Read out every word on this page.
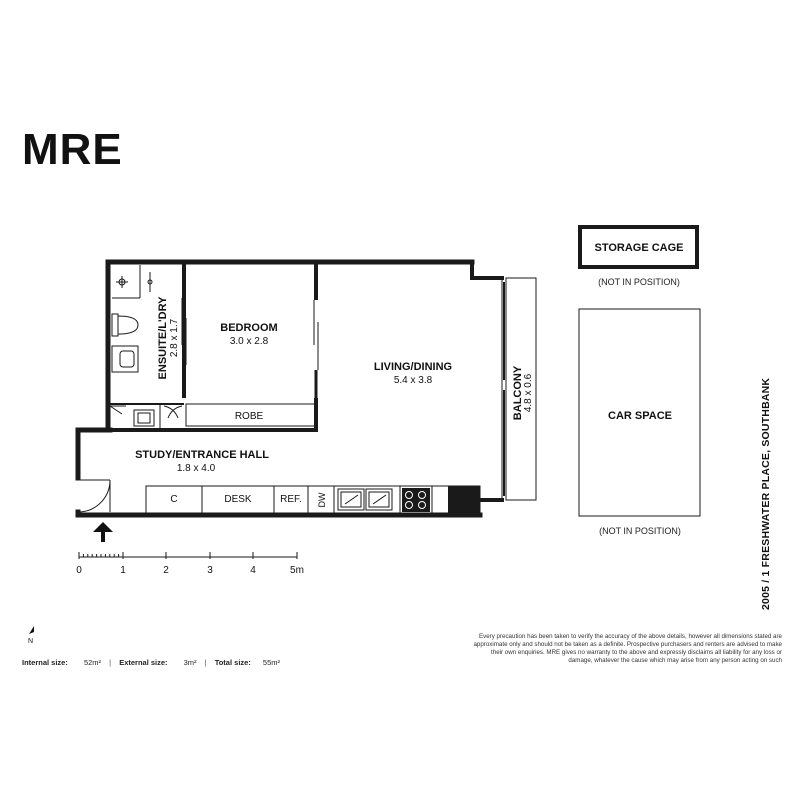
MRE
BEDROOM
3.0 x 2.8
LIVING/DINING
5.4 x 3.8
STUDY/ENTRANCE HALL
1.8 x 4.0
ROBE
C	DESK	REF. DW
ENSUITE/L'DRY 2.8 x 1.7
BALCONY 4.8 x 0.6
STORAGE CAGE
(NOT IN POSITION)
CAR SPACE
(NOT IN POSITION)
0	1	2	3	4	5m
N
Internal size: 52m² | External size: 3m² | Total size: 55m²
Every precaution has been taken to verify the accuracy of the above details, however all dimensions stated are approximate only and should not be taken as a definite. Prospective purchasers and renters are advised to make their own enquiries. MRE gives no warranty to the above and expressly disclaims all liability for any loss or damage, whatever the cause which may arise from any person acting on such
2005 / 1 FRESHWATER PLACE, SOUTHBANK
